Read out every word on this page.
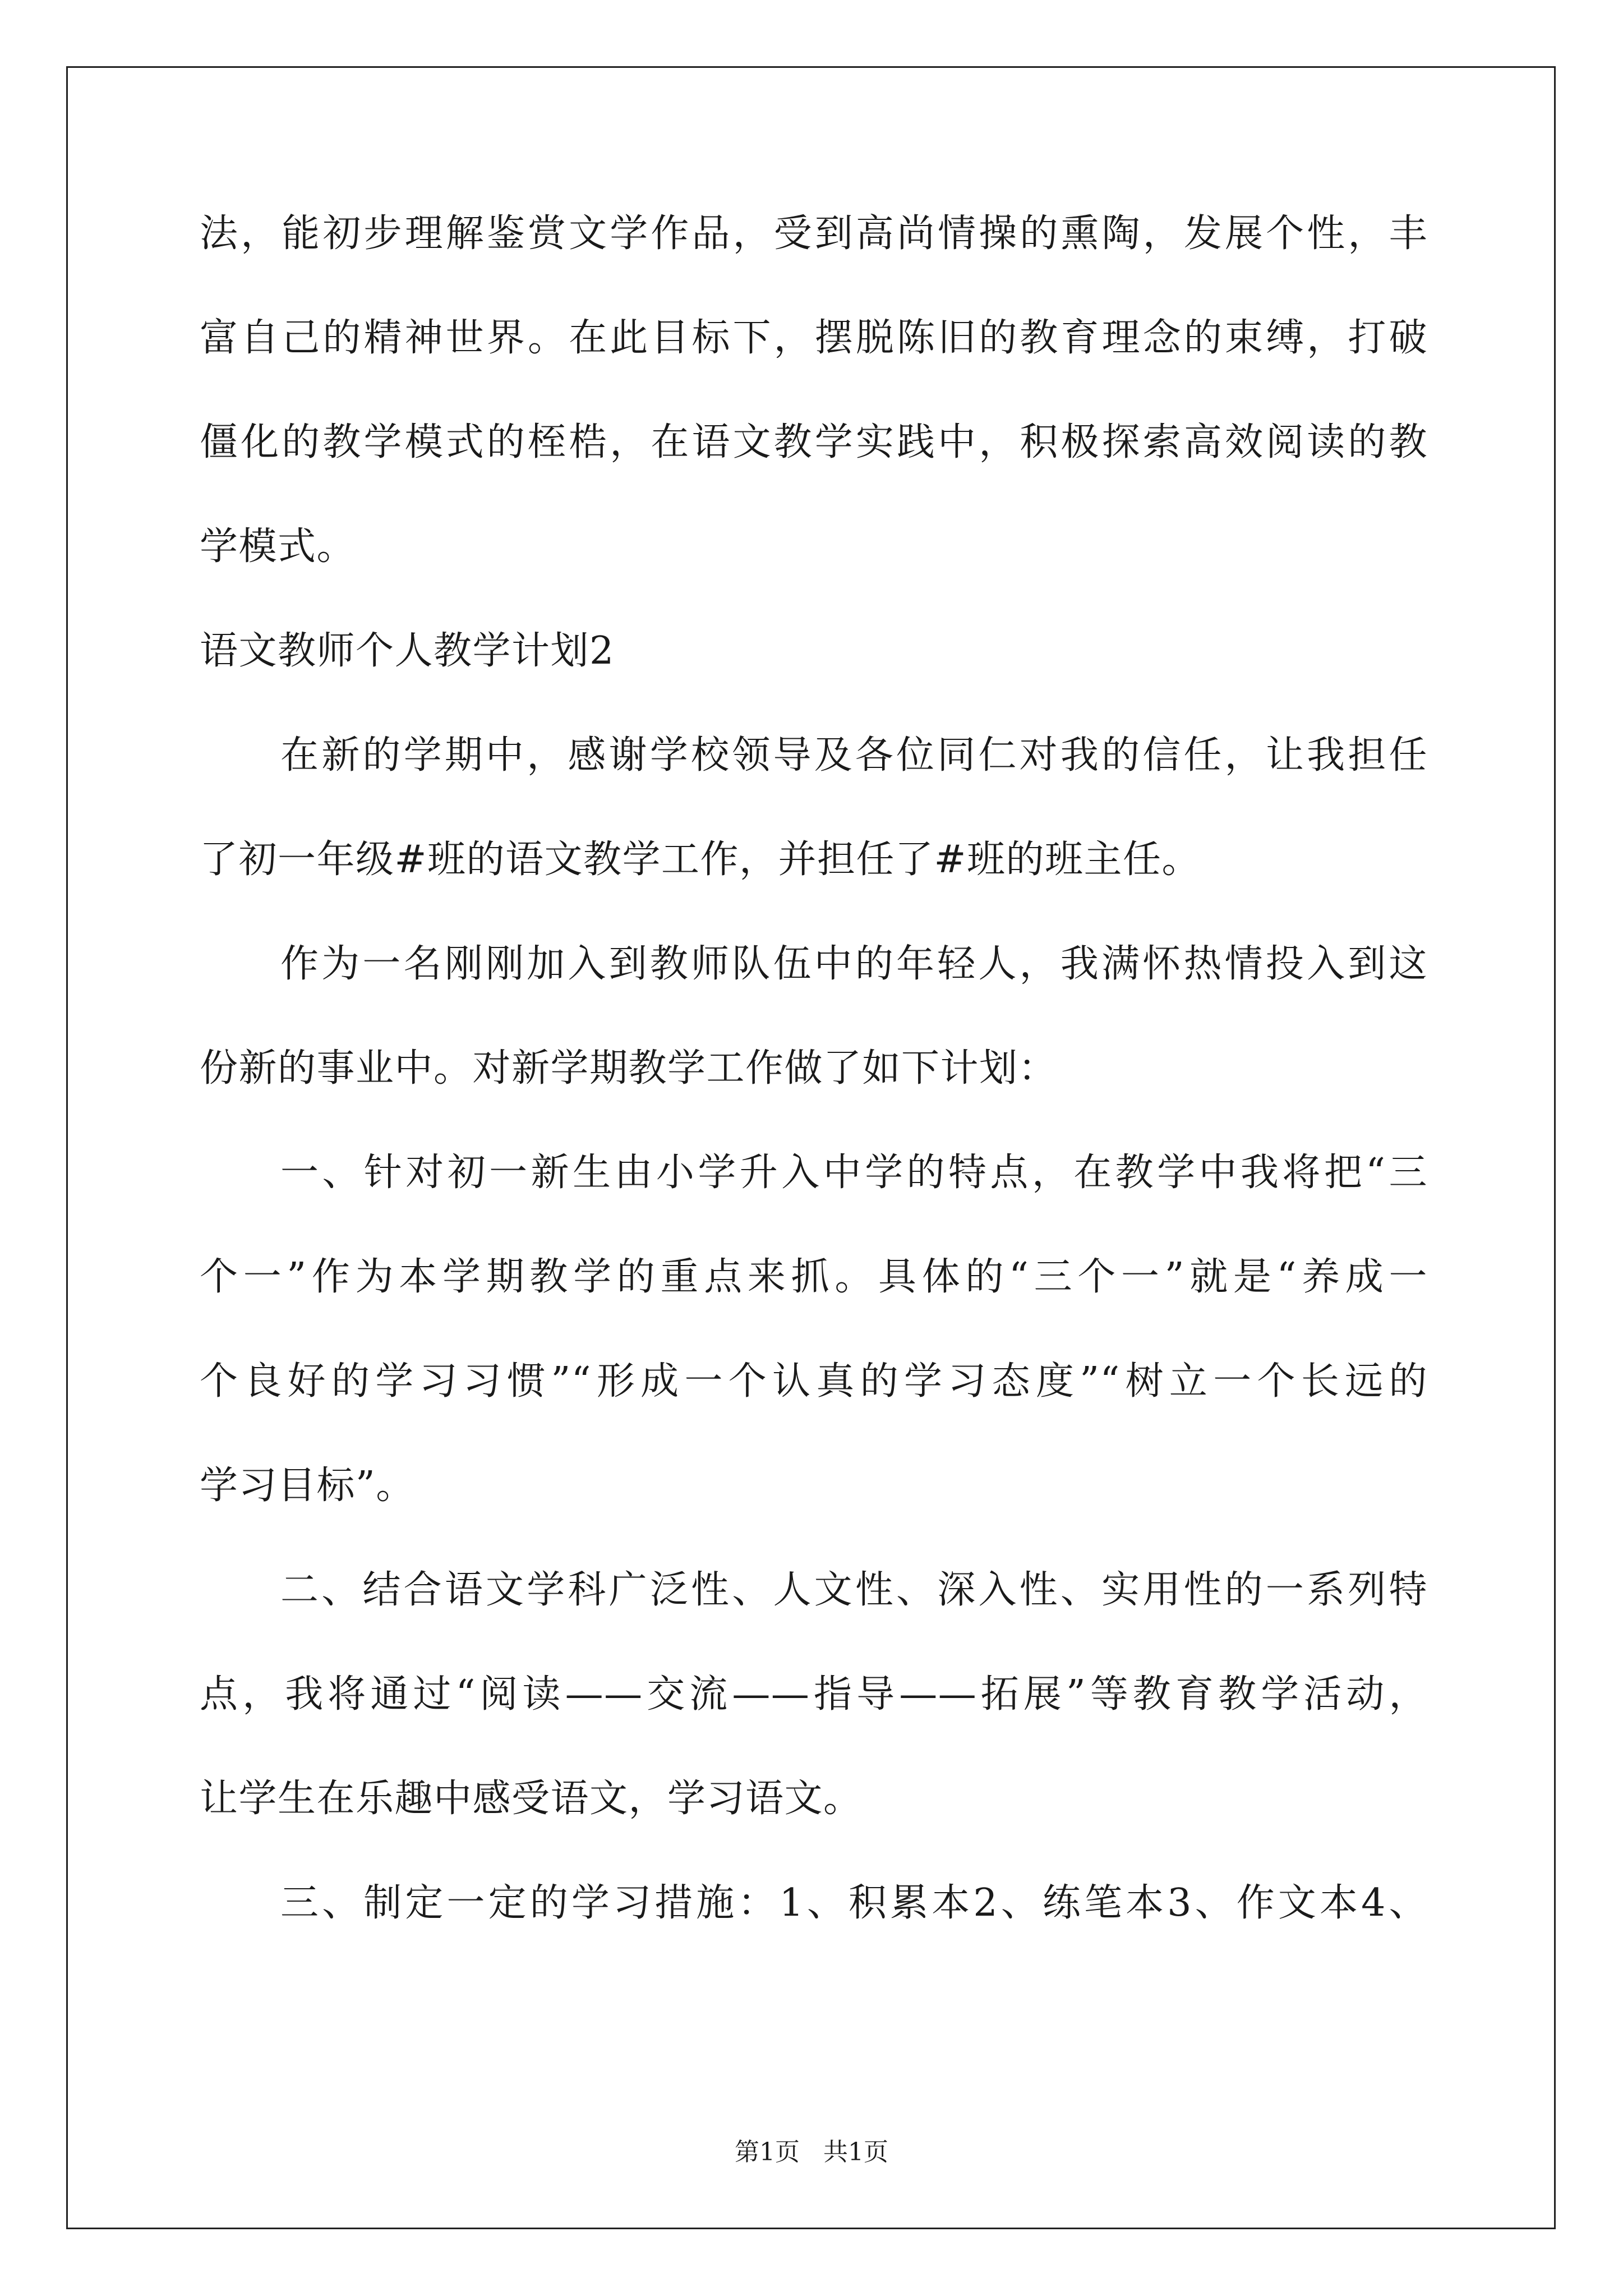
法，能初步理解鉴赏文学作品，受到高尚情操的熏陶，发展个性，丰
富自己的精神世界。在此目标下，摆脱陈旧的教育理念的束缚，打破
僵化的教学模式的桎梏，在语文教学实践中，积极探索高效阅读的教
学模式。
语文教师个人教学计划2
在新的学期中，感谢学校领导及各位同仁对我的信任，让我担任
了初一年级#班的语文教学工作，并担任了#班的班主任。
作为一名刚刚加入到教师队伍中的年轻人，我满怀热情投入到这
份新的事业中。对新学期教学工作做了如下计划：
一、针对初一新生由小学升入中学的特点，在教学中我将把“三
个一”作为本学期教学的重点来抓。具体的“三个一”就是“养成一
个良好的学习习惯”“形成一个认真的学习态度”“树立一个长远的
学习目标”。
二、结合语文学科广泛性、人文性、深入性、实用性的一系列特
点，我将通过“阅读——交流——指导——拓展”等教育教学活动，
让学生在乐趣中感受语文，学习语文。
三、制定一定的学习措施：1、积累本2、练笔本3、作文本4、
第1页   共1页
